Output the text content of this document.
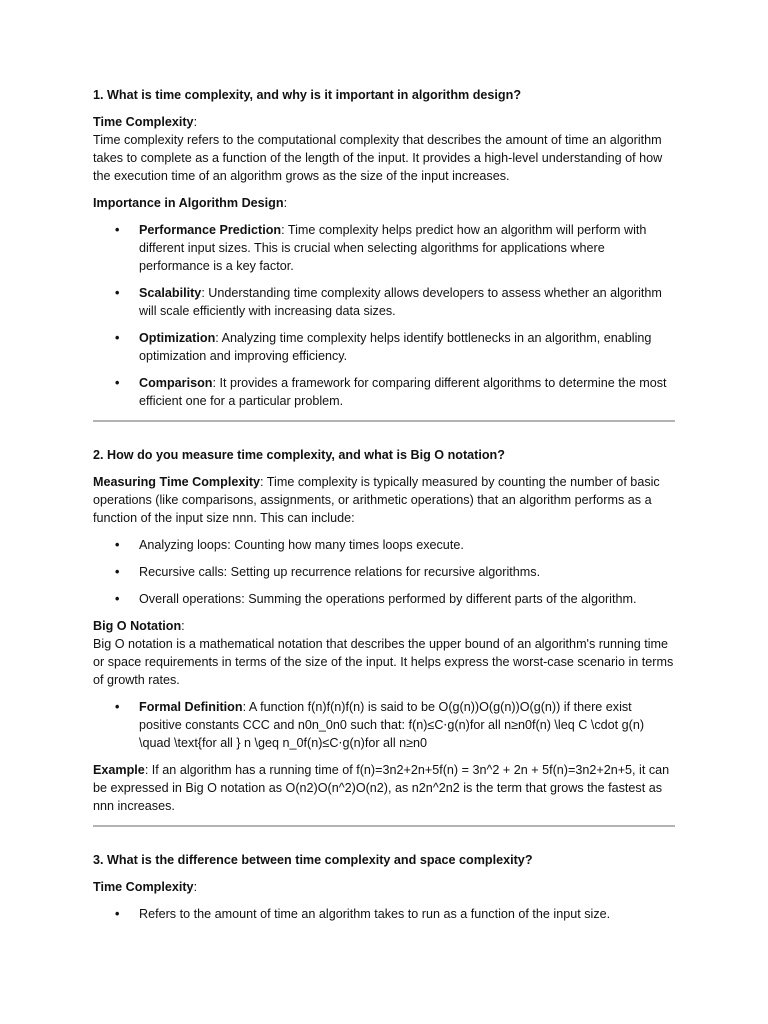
1. What is time complexity, and why is it important in algorithm design?

Time Complexity:
Time complexity refers to the computational complexity that describes the amount of time an algorithm takes to complete as a function of the length of the input. It provides a high-level understanding of how the execution time of an algorithm grows as the size of the input increases.

Importance in Algorithm Design:

• Performance Prediction: Time complexity helps predict how an algorithm will perform with different input sizes. This is crucial when selecting algorithms for applications where performance is a key factor.
• Scalability: Understanding time complexity allows developers to assess whether an algorithm will scale efficiently with increasing data sizes.
• Optimization: Analyzing time complexity helps identify bottlenecks in an algorithm, enabling optimization and improving efficiency.
• Comparison: It provides a framework for comparing different algorithms to determine the most efficient one for a particular problem.
2. How do you measure time complexity, and what is Big O notation?

Measuring Time Complexity: Time complexity is typically measured by counting the number of basic operations (like comparisons, assignments, or arithmetic operations) that an algorithm performs as a function of the input size nnn. This can include:

• Analyzing loops: Counting how many times loops execute.
• Recursive calls: Setting up recurrence relations for recursive algorithms.
• Overall operations: Summing the operations performed by different parts of the algorithm.

Big O Notation:
Big O notation is a mathematical notation that describes the upper bound of an algorithm's running time or space requirements in terms of the size of the input. It helps express the worst-case scenario in terms of growth rates.

• Formal Definition: A function f(n)f(n)f(n) is said to be O(g(n))O(g(n))O(g(n)) if there exist positive constants CCC and n0n_0n0 such that: f(n)≤C⋅g(n)for all n≥n0f(n) \leq C \cdot g(n) \quad \text{for all } n \geq n_0f(n)≤C⋅g(n)for all n≥n0

Example: If an algorithm has a running time of f(n)=3n2+2n+5f(n) = 3n^2 + 2n + 5f(n)=3n2+2n+5, it can be expressed in Big O notation as O(n2)O(n^2)O(n2), as n2n^2n2 is the term that grows the fastest as nnn increases.

3. What is the difference between time complexity and space complexity?

Time Complexity:

• Refers to the amount of time an algorithm takes to run as a function of the input size.
